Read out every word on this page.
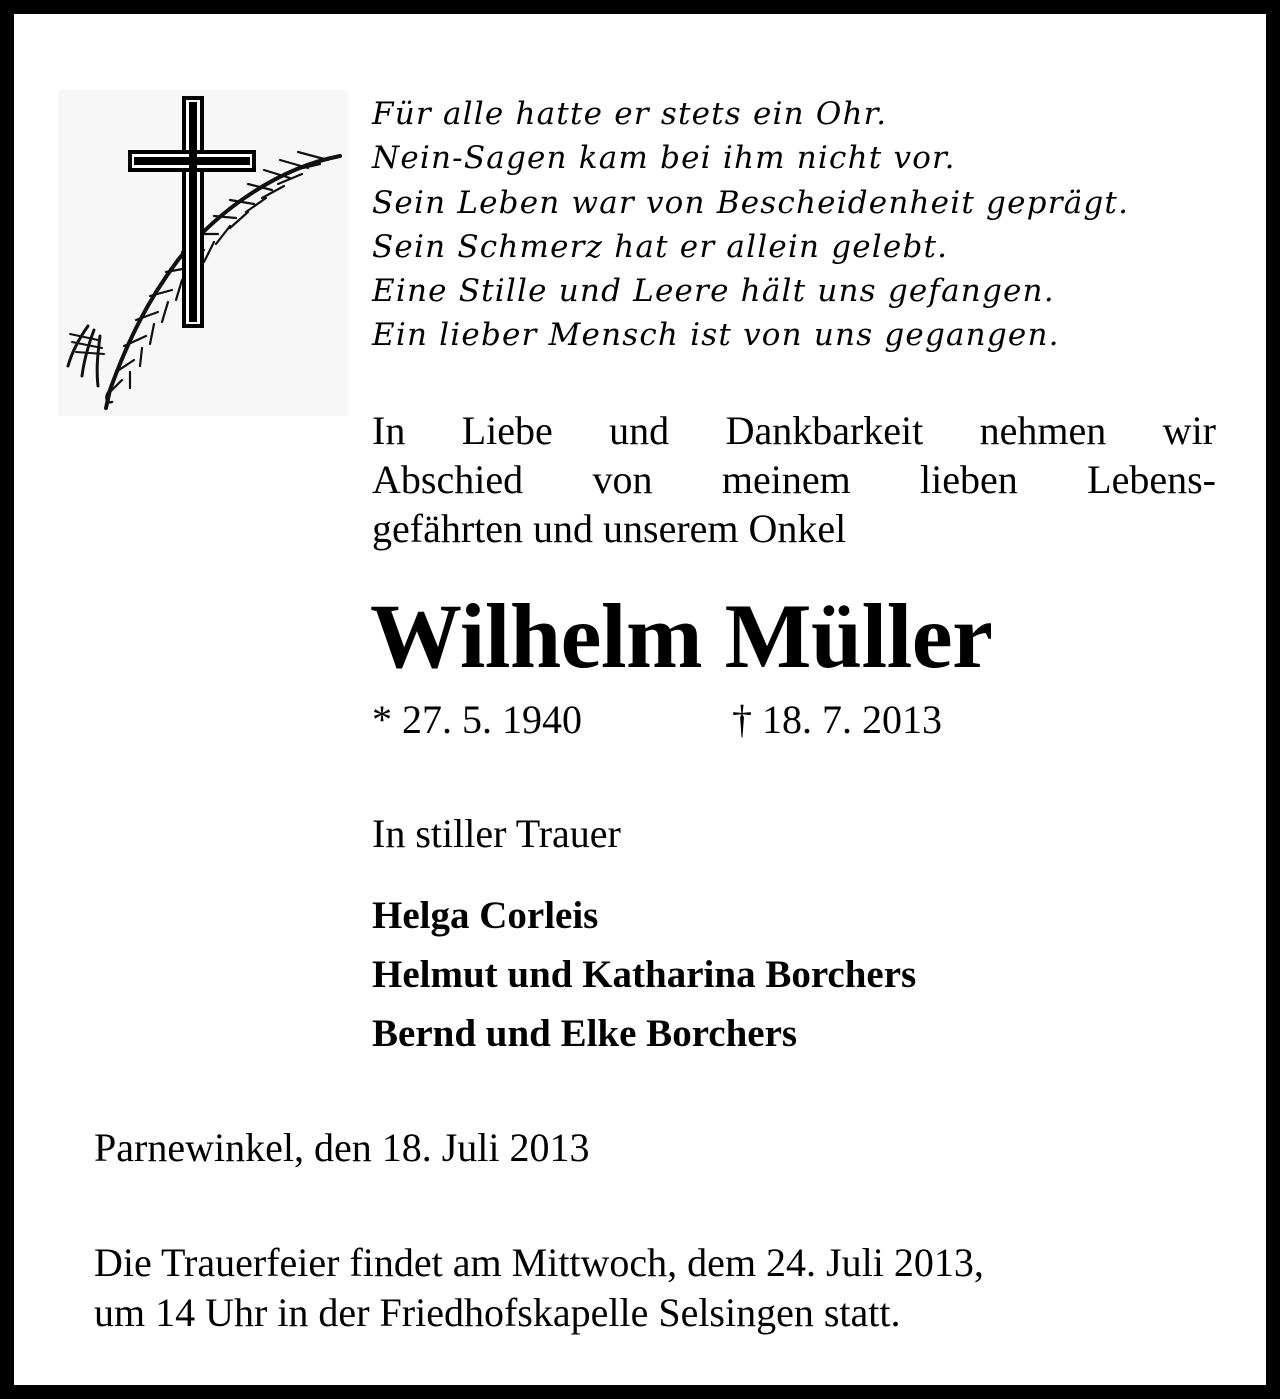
Für alle hatte er stets ein Ohr.
Nein-Sagen kam bei ihm nicht vor.
Sein Leben war von Bescheidenheit geprägt.
Sein Schmerz hat er allein gelebt.
Eine Stille und Leere hält uns gefangen.
Ein lieber Mensch ist von uns gegangen.
In Liebe und Dankbarkeit nehmen wir
Abschied von meinem lieben Lebens-
gefährten und unserem Onkel
Wilhelm Müller
* 27. 5. 1940	† 18. 7. 2013
In stiller Trauer
Helga Corleis
Helmut und Katharina Borchers
Bernd und Elke Borchers
Parnewinkel, den 18. Juli 2013
Die Trauerfeier findet am Mittwoch, dem 24. Juli 2013,
um 14 Uhr in der Friedhofskapelle Selsingen statt.
